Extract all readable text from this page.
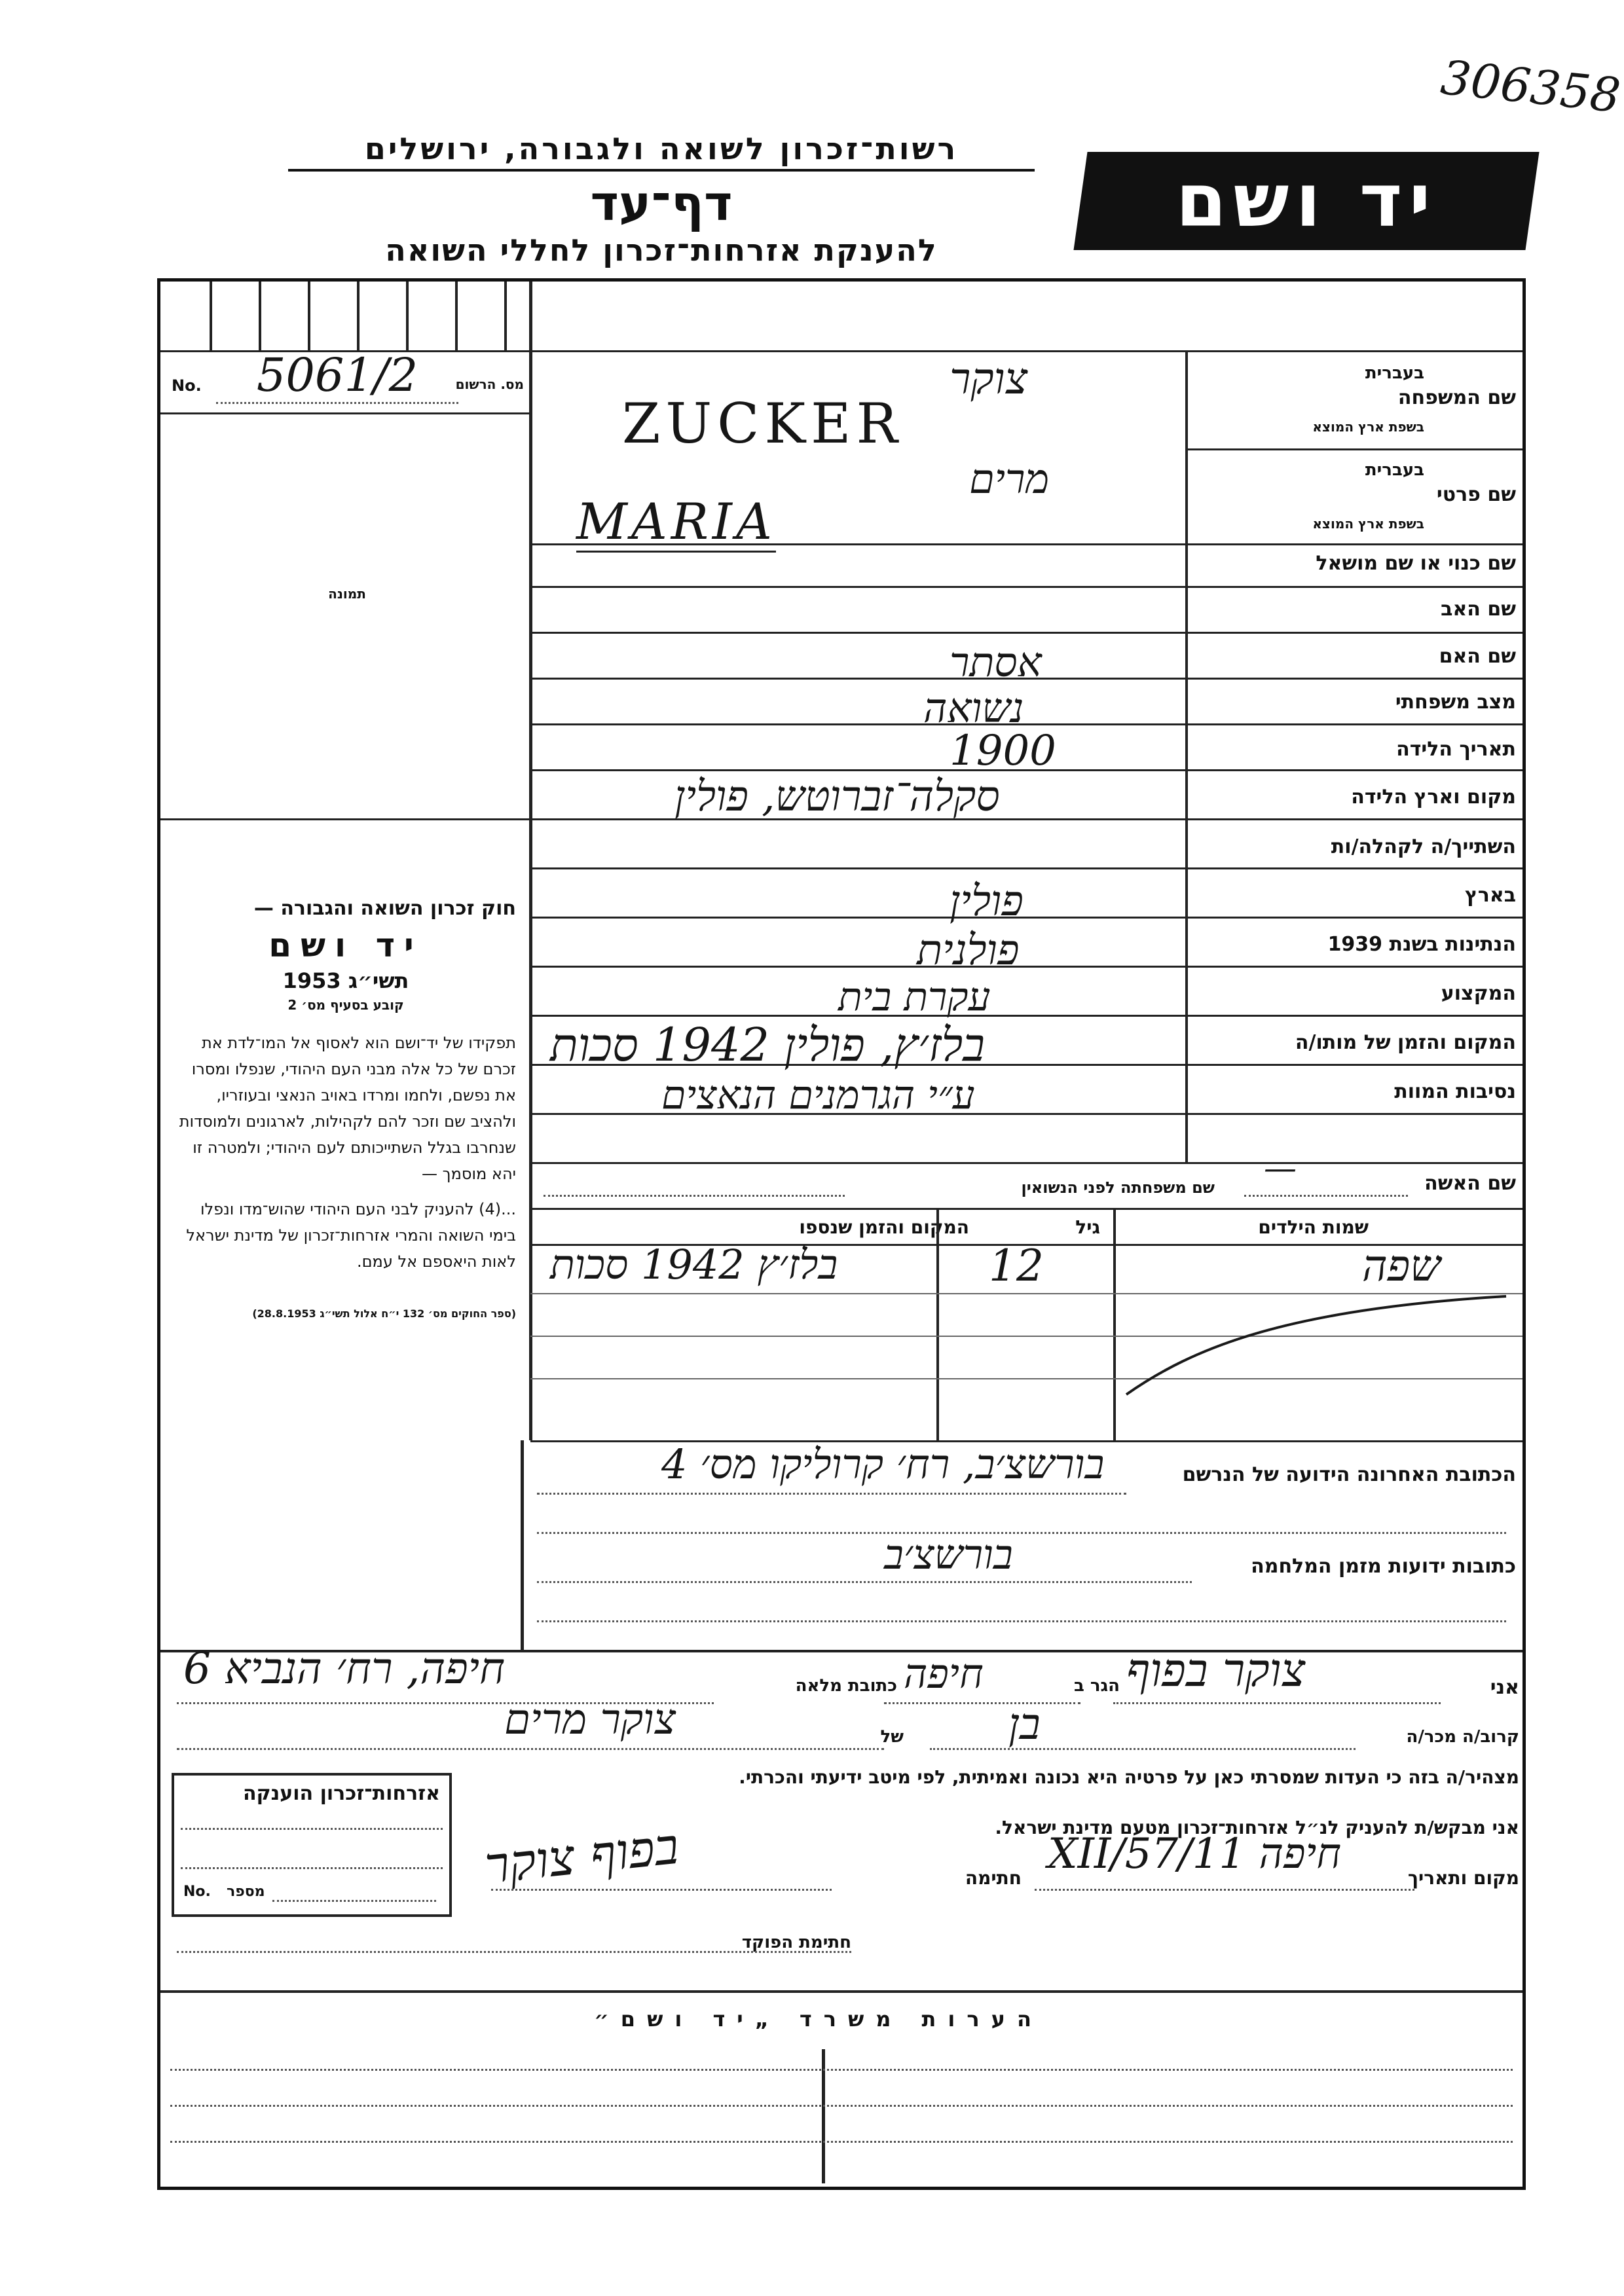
306358
רשות־זכרון לשואה ולגבורה, ירושלים
דף־עד
להענקת אזרחות־זכרון לחללי השואה
יד ושם
מס. הרשום
No.	5061/2
תמונה

חוק זכרון השואה והגבורה —

יד ושם

תשי״ג 1953

קובע בסעיף מס׳ 2

תפקידו של יד־ושם הוא לאסוף אל המו־לדת את זכרם של כל אלה מבני העם היהודי, שנפלו ומסרו את נפשם, ולחמו ומרדו באויב הנאצי ובעוזריו, ולהציב שם וזכר להם לקהילות, לארגונים ולמוסדות שנחרבו בגלל השתייכותם לעם היהודי; ולמטרה זו יהא מוסמך —

...(4) להעניק לבני העם היהודי שהוש־מדו ונפלו בימי השואה והמרי אזרחות־זכרון של מדינת ישראל לאות היאספם אל עמם.

(ספר החוקים מס׳ 132 י״ח אלול תשי״ג 28.8.1953)

שם המשפחה
בעברית
בשפת ארץ המוצא
שם פרטי
בעברית
בשפת ארץ המוצא
שם כנוי או שם מושאל
שם האב
שם האם
מצב משפחתי
תאריך הלידה
מקום וארץ הלידה
השתייך/ה לקהלה/ות
בארץ
הנתינות בשנת 1939
המקצוע
המקום והזמן של מותו/ה
נסיבות המוות
צוקר
ZUCKER
מרים
MARIA
אסתר
נשואה
1900
סקלה־זברוטש, פולין
פולין
פולנית
עקרת בית
בלז׳ץ, פולין 1942 סכות
ע״י הגרמנים הנאצים
שם האשה
—
שם משפחתה לפני הנשואין
שמות הילדים
גיל
המקום והזמן שנספו
שפה
12
בלז׳ץ 1942 סכות
הכתובת האחרונה הידועה של הנרשם
בורשצ׳ב, רח׳ קרוליקו מס׳ 4
כתובות ידועות מזמן המלחמה
בורשצ׳ב
אני
צוקר בפוף
הגר ב
חיפה
כתובת מלאה
חיפה, רח׳ הנביא 6
קרוב/ה מכר/ה
בן
של
צוקר מרים
מצהיר/ה בזה כי העדות שמסרתי כאן על פרטיה היא נכונה ואמיתית, לפי מיטב ידיעתי והכרתי.
אני מבקש/ת להעניק לנ״ל אזרחות־זכרון מטעם מדינת ישראל.
מקום ותאריך
חיפה 11/XII/57
חתימה
בפוף צוקר
חתימת הפוקד
אזרחות־זכרון הוענקה
No. מספר
הערות משרד „יד ושם״
